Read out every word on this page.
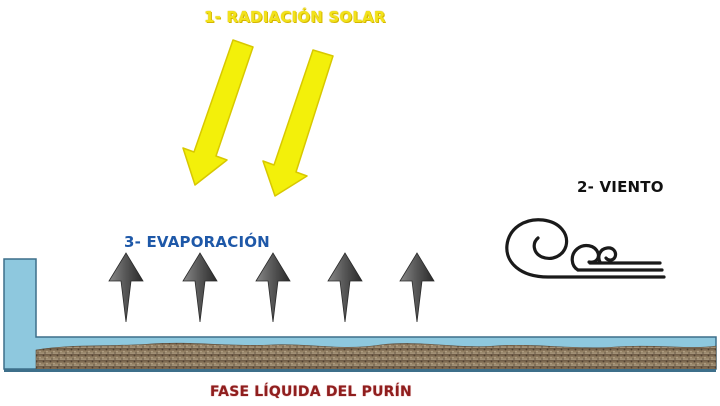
1- RADIACIÓN SOLAR
2- VIENTO
3- EVAPORACIÓN
FASE LÍQUIDA DEL PURÍN
